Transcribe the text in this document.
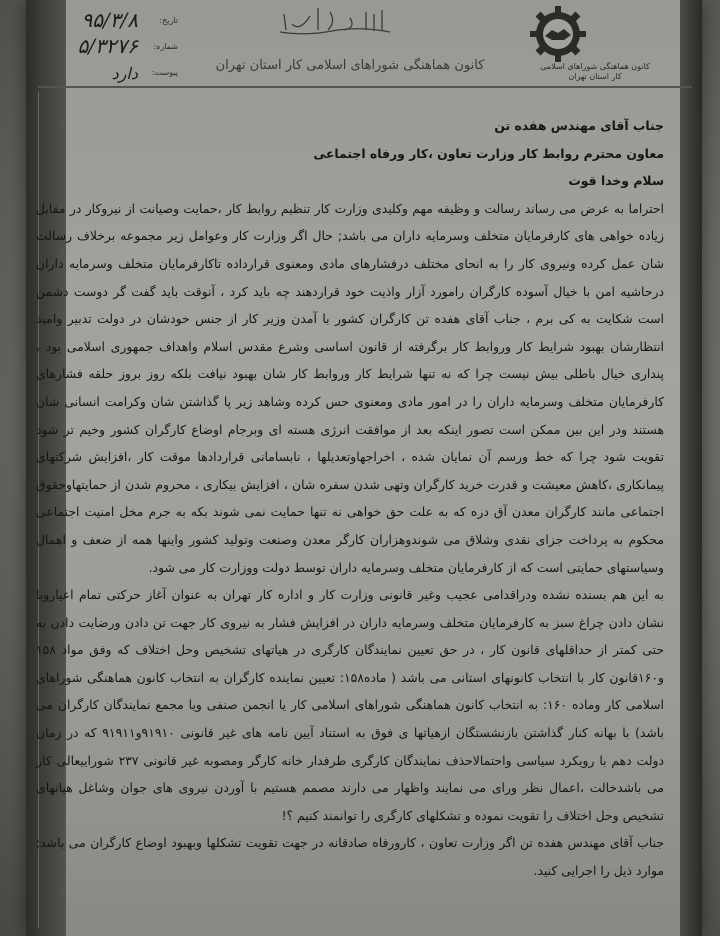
کانون هماهنگی شوراهای اسلامی کار استان تهران
کانون هماهنگی شوراهای اسلامی کار استان تهران
تاریخ:
۹۵/۳/۸
شماره:
۵/۳۲۷۶
پیوست:
دارد

جناب آقای مهندس هفده تن

معاون محترم روابط کار وزارت تعاون ،کار ورفاه اجتماعی

سلام وخدا قوت

احتراما به عرض می رساند رسالت و وظیفه مهم وکلیدی وزارت کار تنظیم روابط کار ،حمایت وصیانت از نیروکار در مقابل زیاده خواهی های کارفرمایان متخلف وسرمایه داران می باشد; حال اگر وزارت کار وعوامل زیر مجموعه برخلاف رسالت شان عمل کرده ونیروی کار را به انحای مختلف درفشارهای مادی ومعنوی قرارداده تاکارفرمایان متخلف وسرمایه داران درحاشیه امن با خیال آسوده کارگران رامورد آزار واذیت خود قراردهند چه باید کرد ، آنوقت باید گفت گر دوست دشمن است شکایت به کی برم ، جناب آقای هفده تن کارگران کشور با آمدن وزیر کار از جنس خودشان در دولت تدبیر وامید انتظارشان بهبود شرایط کار وروابط کار برگرفته از قانون اساسی وشرع مقدس اسلام واهداف جمهوری اسلامی بود ، پنداری خیال باطلی بیش نیست چرا که نه تنها شرایط کار وروابط کار شان بهبود نیافت بلکه روز بروز حلقه فشارهای کارفرمایان متخلف وسرمایه داران را در امور مادی ومعنوی حس کرده وشاهد زیر پا گذاشتن شان وکرامت انسانی شان هستند ودر این بین ممکن است تصور اینکه بعد از موافقت انرژی هسته ای وبرجام اوضاع کارگران کشور وخیم تر شود تقویت شود چرا که خط ورسم آن نمایان شده ، اخراجهاوتعدیلها ، نابسامانی قراردادها موقت کار ،افزایش شرکتهای پیمانکاری ،کاهش معیشت و قدرت خرید کارگران وتهی شدن سفره شان ، افزایش بیکاری ، محروم شدن از حمایتهاوحقوق اجتماعی مانند کارگران معدن آق دره که به علت حق خواهی نه تنها حمایت نمی شوند بکه به جرم مخل امنیت اجتماعی محکوم به پرداخت جزای نقدی وشلاق می شوندوهزاران کارگر معدن وصنعت وتولید کشور واینها همه از ضعف و اهمال وسیاستهای حمایتی است که از کارفرمایان متخلف وسرمایه داران توسط دولت ووزارت کار می شود.

به این هم بسنده نشده ودراقدامی عجیب وغیر قانونی وزارت کار و اداره کار تهران به عنوان آغاز حرکتی تمام اعیاروبا نشان دادن چراغ سبز به کارفرمایان متخلف وسرمایه داران در افزایش فشار به نیروی کار جهت تن دادن ورضایت دادن به حتی کمتر از حداقلهای قانون کار ، در حق تعیین نمایندگان کارگری در هیاتهای تشخیص وحل اختلاف که وفق مواد ۱۵۸ و۱۶۰قانون کار با انتخاب کانونهای استانی می باشد ( ماده۱۵۸: تعیین نماینده کارگران به انتخاب کانون هماهنگی شوراهای اسلامی کار وماده ۱۶۰: به انتخاب کانون هماهنگی شوراهای اسلامی کار یا انجمن صنفی ویا مجمع نمایندگان کارگران می باشد) با بهانه کنار گذاشتن بازنشستگان ازهیاتها ی فوق به استناد آیین نامه های غیر قانونی ۹۱۹۱۰و۹۱۹۱۱ که در زمان دولت دهم با رویکرد سیاسی واحتمالاحذف نمایندگان کارگری طرفدار خانه کارگر ومصوبه غیر قانونی ۲۳۷ شوراییعالی کار می باشدخالت ،اعمال نظر ورای می نمایند واظهار می دارند مصمم هستیم با آوردن نیروی های جوان وشاغل هیاتهای تشخیص وحل اختلاف را تقویت نموده و تشکلهای کارگری را توانمند کنیم ؟!

جناب آقای مهندس هفده تن اگر وزارت تعاون ، کارورفاه صادقانه در جهت تقویت تشکلها وبهبود اوضاع کارگران می باشد; موارد ذیل را اجرایی کنید.
